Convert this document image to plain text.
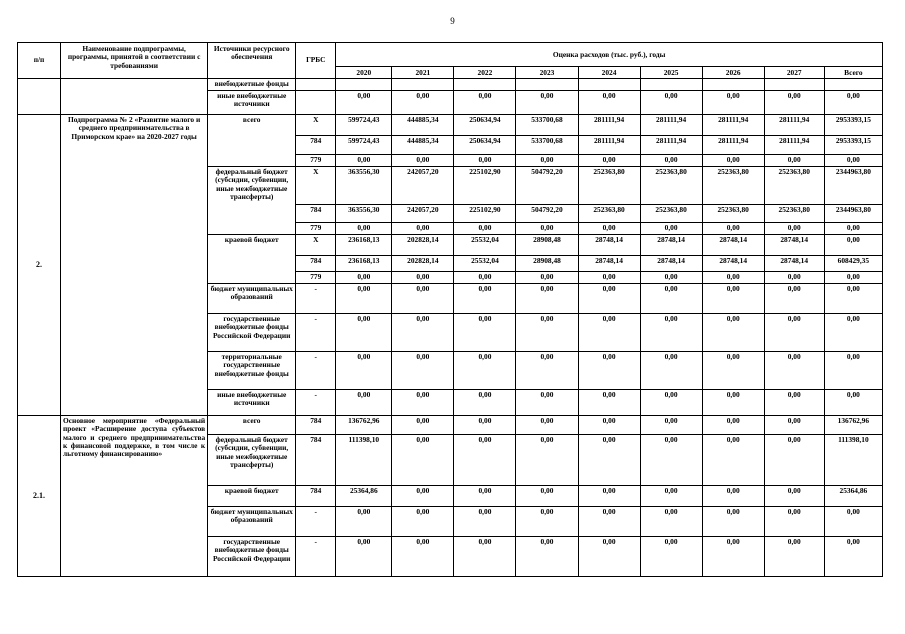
9
п/п	Наименование подпрограммы, программы, принятой в соответствии с требованиями	Источники ресурсного обеспечения	ГРБС	Оценка расходов (тыс. руб.), годы								
				2020	2021	2022	2023	2024	2025	2026	2027	Всего
		внебюджетные фонды										
		иные внебюджетные источники		0,00	0,00	0,00	0,00	0,00	0,00	0,00	0,00	0,00
2.	Подпрограмма № 2 «Развитие малого и среднего предпринимательства в Приморском крае» на 2020-2027 годы	всего	Х	599724,43	444885,34	250634,94	533700,68	281111,94	281111,94	281111,94	281111,94	2953393,15
			784	599724,43	444885,34	250634,94	533700,68	281111,94	281111,94	281111,94	281111,94	2953393,15
			779	0,00	0,00	0,00	0,00	0,00	0,00	0,00	0,00	0,00
		федеральный бюджет (субсидии, субвенции, иные межбюджетные трансферты)	Х	363556,30	242057,20	225102,90	504792,20	252363,80	252363,80	252363,80	252363,80	2344963,80
			784	363556,30	242057,20	225102,90	504792,20	252363,80	252363,80	252363,80	252363,80	2344963,80
			779	0,00	0,00	0,00	0,00	0,00	0,00	0,00	0,00	0,00
		краевой бюджет	Х	236168,13	202828,14	25532,04	28908,48	28748,14	28748,14	28748,14	28748,14	0,00
			784	236168,13	202828,14	25532,04	28908,48	28748,14	28748,14	28748,14	28748,14	608429,35
			779	0,00	0,00	0,00	0,00	0,00	0,00	0,00	0,00	0,00
		бюджет муниципальных образований	-	0,00	0,00	0,00	0,00	0,00	0,00	0,00	0,00	0,00
		государственные внебюджетные фонды Российской Федерации	-	0,00	0,00	0,00	0,00	0,00	0,00	0,00	0,00	0,00
		территориальные государственные внебюджетные фонды	-	0,00	0,00	0,00	0,00	0,00	0,00	0,00	0,00	0,00
		иные внебюджетные источники	-	0,00	0,00	0,00	0,00	0,00	0,00	0,00	0,00	0,00
2.1.	Основное мероприятие «Федеральный проект «Расширение доступа субъектов малого и среднего предпринимательства к финансовой поддержке, в том числе к льготному финансированию»	всего	784	136762,96	0,00	0,00	0,00	0,00	0,00	0,00	0,00	136762,96
		федеральный бюджет (субсидии, субвенции, иные межбюджетные трансферты)	784	111398,10	0,00	0,00	0,00	0,00	0,00	0,00	0,00	111398,10
		краевой бюджет	784	25364,86	0,00	0,00	0,00	0,00	0,00	0,00	0,00	25364,86
		бюджет муниципальных образований	-	0,00	0,00	0,00	0,00	0,00	0,00	0,00	0,00	0,00
		государственные внебюджетные фонды Российской Федерации	-	0,00	0,00	0,00	0,00	0,00	0,00	0,00	0,00	0,00
